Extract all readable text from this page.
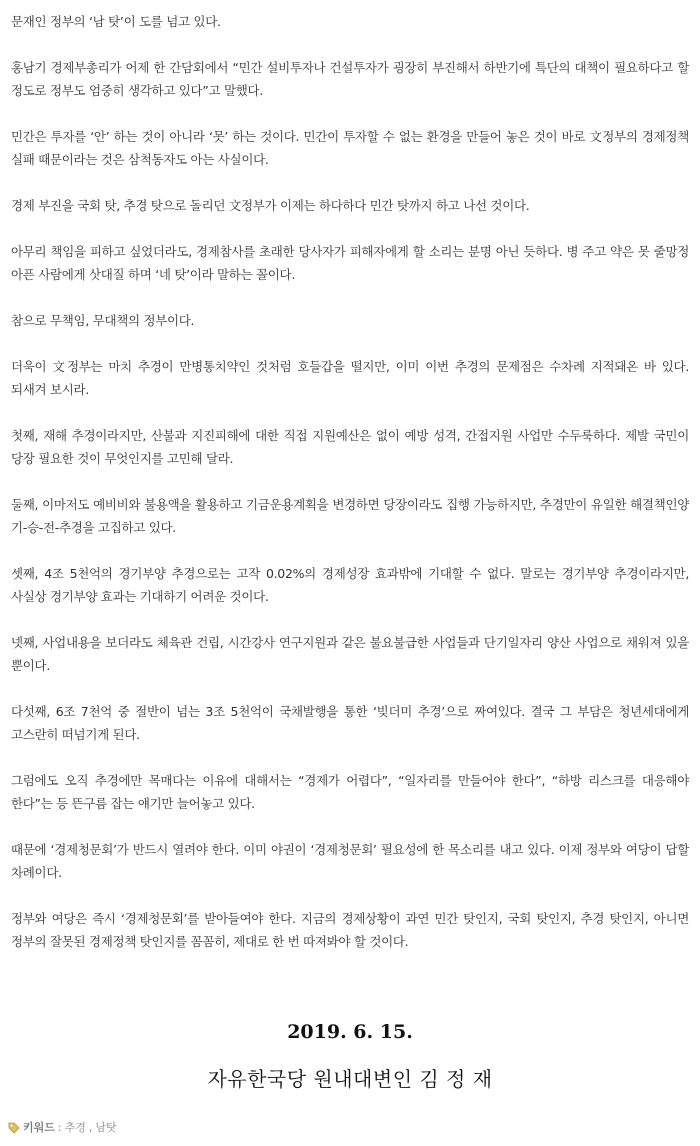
문재인 정부의 ‘남 탓’이 도를 넘고 있다.

홍남기 경제부총리가 어제 한 간담회에서 “민간 설비투자나 건설투자가 굉장히 부진해서 하반기에 특단의 대책이 필요하다고 할 정도로 정부도 엄중히 생각하고 있다”고 말했다.

민간은 투자를 ‘안’ 하는 것이 아니라 ‘못’ 하는 것이다. 민간이 투자할 수 없는 환경을 만들어 놓은 것이 바로 文정부의 경제정책 실패 때문이라는 것은 삼척동자도 아는 사실이다.

경제 부진을 국회 탓, 추경 탓으로 돌리던 文정부가 이제는 하다하다 민간 탓까지 하고 나선 것이다.

아무리 책임을 피하고 싶었더라도, 경제참사를 초래한 당사자가 피해자에게 할 소리는 분명 아닌 듯하다. 병 주고 약은 못 줄망정 아픈 사람에게 삿대질 하며 ‘네 탓’이라 말하는 꼴이다.

참으로 무책임, 무대책의 정부이다.

더욱이 文정부는 마치 추경이 만병통치약인 것처럼 호들갑을 떨지만, 이미 이번 추경의 문제점은 수차례 지적돼온 바 있다. 되새겨 보시라.

첫째, 재해 추경이라지만, 산불과 지진피해에 대한 직접 지원예산은 없이 예방 성격, 간접지원 사업만 수두룩하다. 제발 국민이 당장 필요한 것이 무엇인지를 고민해 달라.

둘째, 이마저도 예비비와 불용액을 활용하고 기금운용계획을 변경하면 당장이라도 집행 가능하지만, 추경만이 유일한 해결책인양 기-승-전-추경을 고집하고 있다.

셋째, 4조 5천억의 경기부양 추경으로는 고작 0.02%의 경제성장 효과밖에 기대할 수 없다. 말로는 경기부양 추경이라지만, 사실상 경기부양 효과는 기대하기 어려운 것이다.

넷째, 사업내용을 보더라도 체육관 건립, 시간강사 연구지원과 같은 불요불급한 사업들과 단기일자리 양산 사업으로 채워져 있을 뿐이다.

다섯째, 6조 7천억 중 절반이 넘는 3조 5천억이 국채발행을 통한 ‘빚더미 추경’으로 짜여있다. 결국 그 부담은 청년세대에게 고스란히 떠넘기게 된다.

그럼에도 오직 추경에만 목매다는 이유에 대해서는 “경제가 어렵다”, “일자리를 만들어야 한다”, “하방 리스크를 대응해야 한다”는 등 뜬구름 잡는 얘기만 늘어놓고 있다.

때문에 ‘경제청문회’가 반드시 열려야 한다. 이미 야권이 ‘경제청문회’ 필요성에 한 목소리를 내고 있다. 이제 정부와 여당이 답할 차례이다.

정부와 여당은 즉시 ‘경제청문회’를 받아들여야 한다. 지금의 경제상황이 과연 민간 탓인지, 국회 탓인지, 추경 탓인지, 아니면 정부의 잘못된 경제정책 탓인지를 꼼꼼히, 제대로 한 번 따져봐야 할 것이다.

2019. 6. 15.
자유한국당 원내대변인 김 정 재
키워드 : 추경 , 남탓
